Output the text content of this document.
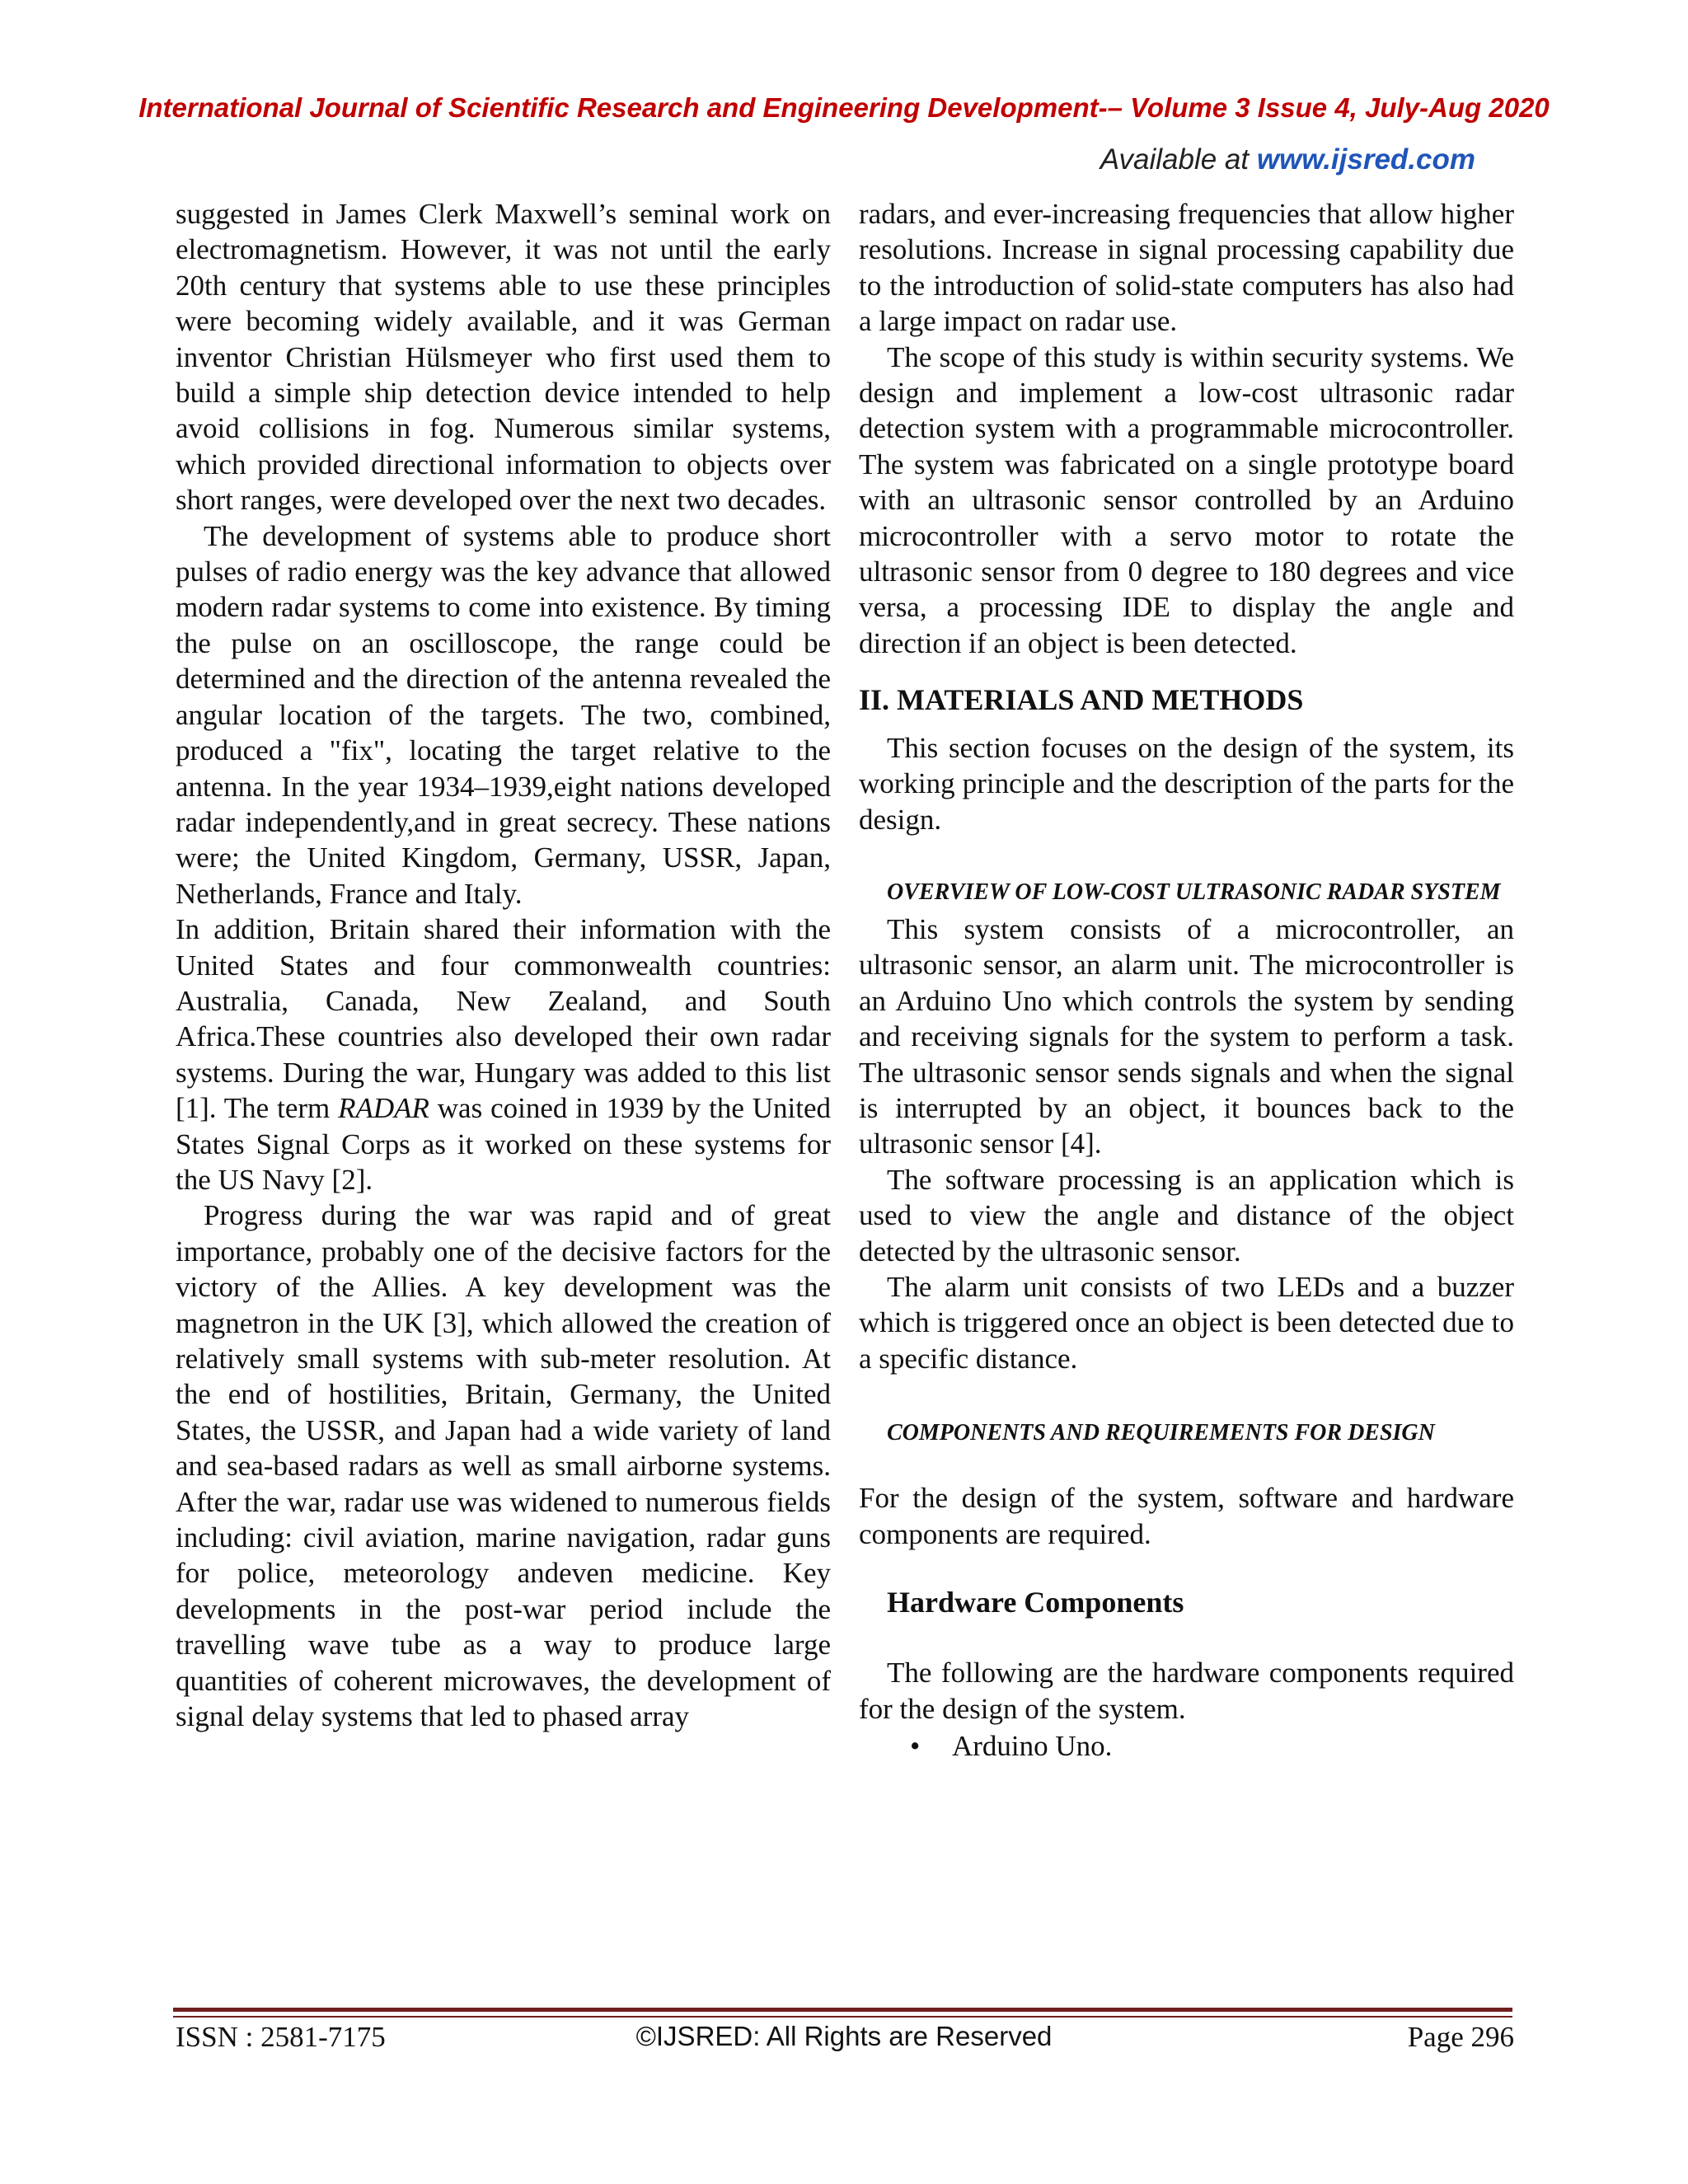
International Journal of Scientific Research and Engineering Development-– Volume 3 Issue 4, July-Aug 2020
Available at www.ijsred.com

suggested in James Clerk Maxwell’s seminal work on electromagnetism. However, it was not until the early 20th century that systems able to use these principles were becoming widely available, and it was German inventor Christian Hülsmeyer who first used them to build a simple ship detection device intended to help avoid collisions in fog. Numerous similar systems, which provided directional information to objects over short ranges, were developed over the next two decades.

The development of systems able to produce short pulses of radio energy was the key advance that allowed modern radar systems to come into existence. By timing the pulse on an oscilloscope, the range could be determined and the direction of the antenna revealed the angular location of the targets. The two, combined, produced a "fix", locating the target relative to the antenna. In the year 1934–1939,eight nations developed radar independently,and in great secrecy. These nations were; the United Kingdom, Germany, USSR, Japan, Netherlands, France and Italy.

In addition, Britain shared their information with the United States and four commonwealth countries: Australia, Canada, New Zealand, and South Africa.These countries also developed their own radar systems. During the war, Hungary was added to this list [1]. The term RADAR was coined in 1939 by the United States Signal Corps as it worked on these systems for the US Navy [2].

Progress during the war was rapid and of great importance, probably one of the decisive factors for the victory of the Allies. A key development was the magnetron in the UK [3], which allowed the creation of relatively small systems with sub-meter resolution. At the end of hostilities, Britain, Germany, the United States, the USSR, and Japan had a wide variety of land and sea-based radars as well as small airborne systems. After the war, radar use was widened to numerous fields including: civil aviation, marine navigation, radar guns for police, meteorology andeven medicine. Key developments in the post-war period include the travelling wave tube as a way to produce large quantities of coherent microwaves, the development of signal delay systems that led to phased array

radars, and ever-increasing frequencies that allow higher resolutions. Increase in signal processing capability due to the introduction of solid-state computers has also had a large impact on radar use.

The scope of this study is within security systems. We design and implement a low-cost ultrasonic radar detection system with a programmable microcontroller. The system was fabricated on a single prototype board with an ultrasonic sensor controlled by an Arduino microcontroller with a servo motor to rotate the ultrasonic sensor from 0 degree to 180 degrees and vice versa, a processing IDE to display the angle and direction if an object is been detected.

II. MATERIALS AND METHODS

This section focuses on the design of the system, its working principle and the description of the parts for the design.

OVERVIEW OF LOW-COST ULTRASONIC RADAR SYSTEM

This system consists of a microcontroller, an ultrasonic sensor, an alarm unit. The microcontroller is an Arduino Uno which controls the system by sending and receiving signals for the system to perform a task. The ultrasonic sensor sends signals and when the signal is interrupted by an object, it bounces back to the ultrasonic sensor [4].

The software processing is an application which is used to view the angle and distance of the object detected by the ultrasonic sensor.

The alarm unit consists of two LEDs and a buzzer which is triggered once an object is been detected due to a specific distance.

COMPONENTS AND REQUIREMENTS FOR DESIGN

For the design of the system, software and hardware components are required.

Hardware Components

The following are the hardware components required for the design of the system.

• Arduino Uno.
©IJSRED: All Rights are Reserved
ISSN : 2581-7175	Page 296
